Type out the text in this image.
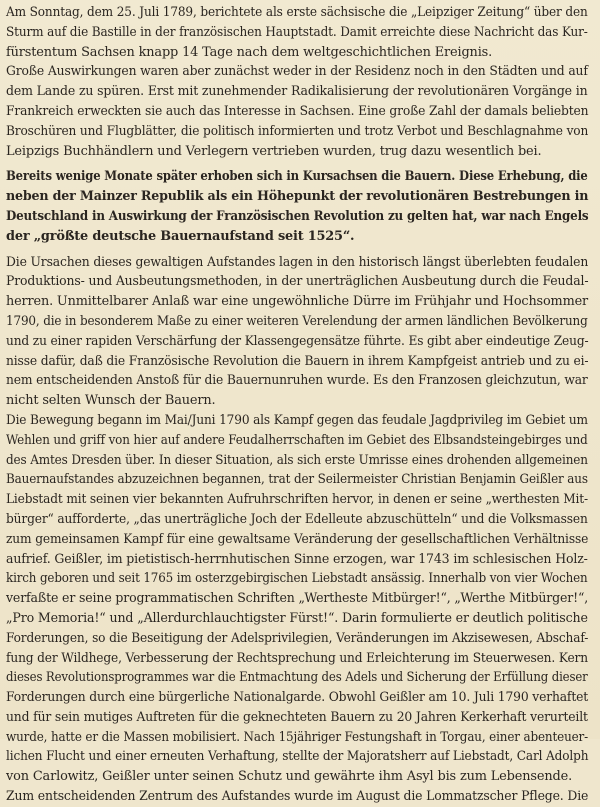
Am Sonntag, dem 25. Juli 1789, berichtete als erste sächsische die „Leipziger Zeitung“ über den
Sturm auf die Bastille in der französischen Hauptstadt. Damit erreichte diese Nachricht das Kur-
fürstentum Sachsen knapp 14 Tage nach dem weltgeschichtlichen Ereignis.
Große Auswirkungen waren aber zunächst weder in der Residenz noch in den Städten und auf
dem Lande zu spüren. Erst mit zunehmender Radikalisierung der revolutionären Vorgänge in
Frankreich erweckten sie auch das Interesse in Sachsen. Eine große Zahl der damals beliebten
Broschüren und Flugblätter, die politisch informierten und trotz Verbot und Beschlagnahme von
Leipzigs Buchhändlern und Verlegern vertrieben wurden, trug dazu wesentlich bei.
Bereits wenige Monate später erhoben sich in Kursachsen die Bauern. Diese Erhebung, die
neben der Mainzer Republik als ein Höhepunkt der revolutionären Bestrebungen in
Deutschland in Auswirkung der Französischen Revolution zu gelten hat, war nach Engels
der „größte deutsche Bauernaufstand seit 1525“.
Die Ursachen dieses gewaltigen Aufstandes lagen in den historisch längst überlebten feudalen
Produktions- und Ausbeutungsmethoden, in der unerträglichen Ausbeutung durch die Feudal-
herren. Unmittelbarer Anlaß war eine ungewöhnliche Dürre im Frühjahr und Hochsommer
1790, die in besonderem Maße zu einer weiteren Verelendung der armen ländlichen Bevölkerung
und zu einer rapiden Verschärfung der Klassengegensätze führte. Es gibt aber eindeutige Zeug-
nisse dafür, daß die Französische Revolution die Bauern in ihrem Kampfgeist antrieb und zu ei-
nem entscheidenden Anstoß für die Bauernunruhen wurde. Es den Franzosen gleichzutun, war
nicht selten Wunsch der Bauern.
Die Bewegung begann im Mai/Juni 1790 als Kampf gegen das feudale Jagdprivileg im Gebiet um
Wehlen und griff von hier auf andere Feudalherrschaften im Gebiet des Elbsandsteingebirges und
des Amtes Dresden über. In dieser Situation, als sich erste Umrisse eines drohenden allgemeinen
Bauernaufstandes abzuzeichnen begannen, trat der Seilermeister Christian Benjamin Geißler aus
Liebstadt mit seinen vier bekannten Aufruhrschriften hervor, in denen er seine „werthesten Mit-
bürger“ aufforderte, „das unerträgliche Joch der Edelleute abzuschütteln“ und die Volksmassen
zum gemeinsamen Kampf für eine gewaltsame Veränderung der gesellschaftlichen Verhältnisse
aufrief. Geißler, im pietistisch-herrnhutischen Sinne erzogen, war 1743 im schlesischen Holz-
kirch geboren und seit 1765 im osterzgebirgischen Liebstadt ansässig. Innerhalb von vier Wochen
verfaßte er seine programmatischen Schriften „Wertheste Mitbürger!“, „Werthe Mitbürger!“,
„Pro Memoria!“ und „Allerdurchlauchtigster Fürst!“. Darin formulierte er deutlich politische
Forderungen, so die Beseitigung der Adelsprivilegien, Veränderungen im Akzisewesen, Abschaf-
fung der Wildhege, Verbesserung der Rechtsprechung und Erleichterung im Steuerwesen. Kern
dieses Revolutionsprogrammes war die Entmachtung des Adels und Sicherung der Erfüllung dieser
Forderungen durch eine bürgerliche Nationalgarde. Obwohl Geißler am 10. Juli 1790 verhaftet
und für sein mutiges Auftreten für die geknechteten Bauern zu 20 Jahren Kerkerhaft verurteilt
wurde, hatte er die Massen mobilisiert. Nach 15jähriger Festungshaft in Torgau, einer abenteuer-
lichen Flucht und einer erneuten Verhaftung, stellte der Majoratsherr auf Liebstadt, Carl Adolph
von Carlowitz, Geißler unter seinen Schutz und gewährte ihm Asyl bis zum Lebensende.
Zum entscheidenden Zentrum des Aufstandes wurde im August die Lommatzscher Pflege. Die
